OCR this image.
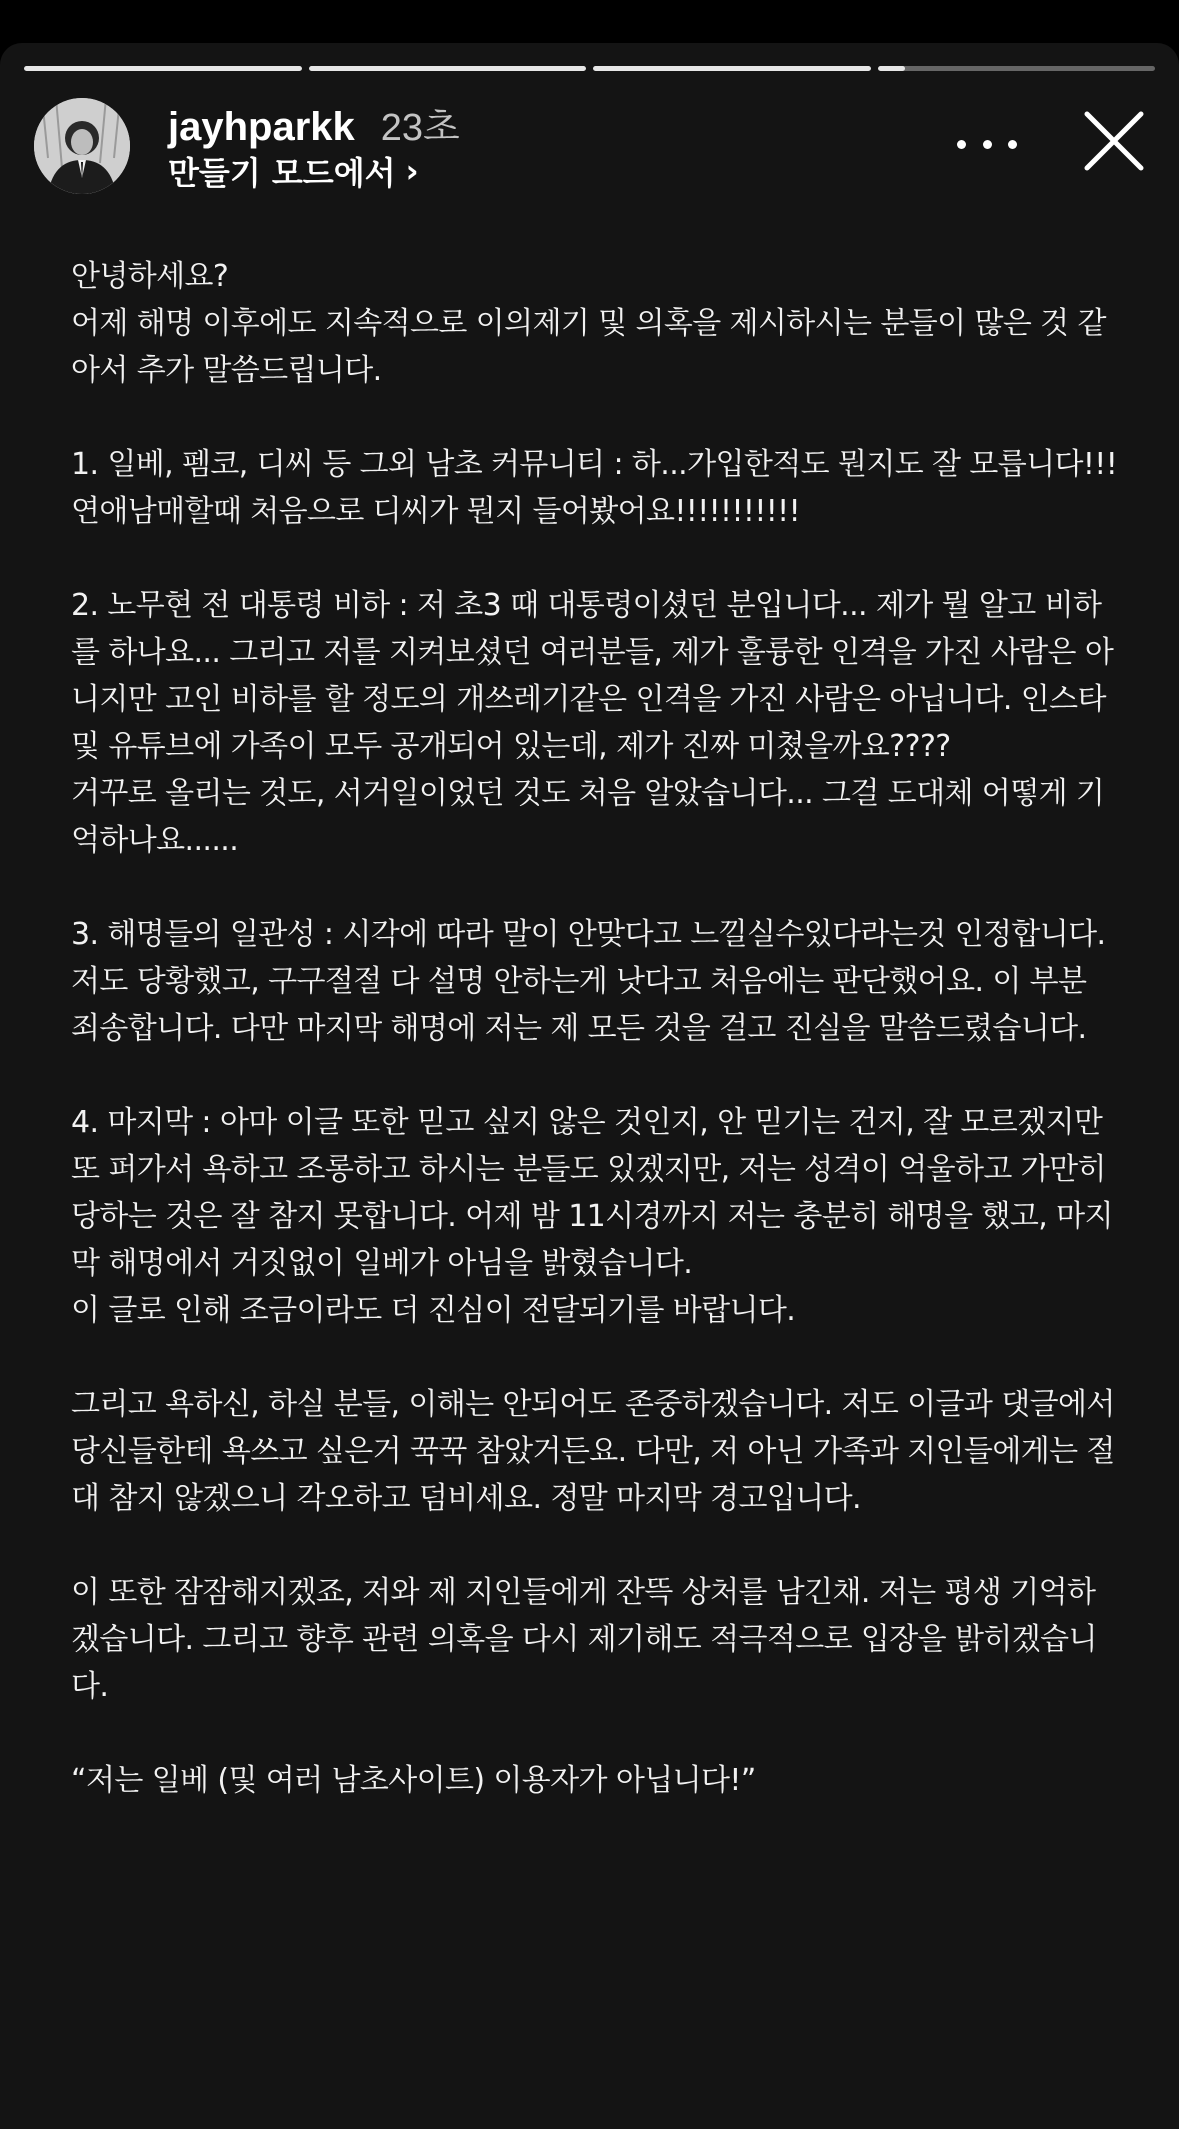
jayhparkk 23초
만들기 모드에서 ›

안녕하세요?
어제 해명 이후에도 지속적으로 이의제기 및 의혹을 제시하시는 분들이 많은 것 같아서 추가 말씀드립니다.

1. 일베, 펨코, 디씨 등 그외 남초 커뮤니티 : 하...가입한적도 뭔지도 잘 모릅니다!!! 연애남매할때 처음으로 디씨가 뭔지 들어봤어요!!!!!!!!!!!

2. 노무현 전 대통령 비하 : 저 초3 때 대통령이셨던 분입니다... 제가 뭘 알고 비하를 하나요... 그리고 저를 지켜보셨던 여러분들, 제가 훌륭한 인격을 가진 사람은 아니지만 고인 비하를 할 정도의 개쓰레기같은 인격을 가진 사람은 아닙니다. 인스타 및 유튜브에 가족이 모두 공개되어 있는데, 제가 진짜 미쳤을까요????
거꾸로 올리는 것도, 서거일이었던 것도 처음 알았습니다... 그걸 도대체 어떻게 기억하나요......

3. 해명들의 일관성 : 시각에 따라 말이 안맞다고 느낄실수있다라는것 인정합니다. 저도 당황했고, 구구절절 다 설명 안하는게 낫다고 처음에는 판단했어요. 이 부분 죄송합니다. 다만 마지막 해명에 저는 제 모든 것을 걸고 진실을 말씀드렸습니다.

4. 마지막 : 아마 이글 또한 믿고 싶지 않은 것인지, 안 믿기는 건지, 잘 모르겠지만 또 퍼가서 욕하고 조롱하고 하시는 분들도 있겠지만, 저는 성격이 억울하고 가만히 당하는 것은 잘 참지 못합니다. 어제 밤 11시경까지 저는 충분히 해명을 했고, 마지막 해명에서 거짓없이 일베가 아님을 밝혔습니다.
이 글로 인해 조금이라도 더 진심이 전달되기를 바랍니다.

그리고 욕하신, 하실 분들, 이해는 안되어도 존중하겠습니다. 저도 이글과 댓글에서 당신들한테 욕쓰고 싶은거 꾹꾹 참았거든요. 다만, 저 아닌 가족과 지인들에게는 절대 참지 않겠으니 각오하고 덤비세요. 정말 마지막 경고입니다.

이 또한 잠잠해지겠죠, 저와 제 지인들에게 잔뜩 상처를 남긴채. 저는 평생 기억하겠습니다. 그리고 향후 관련 의혹을 다시 제기해도 적극적으로 입장을 밝히겠습니다.

“저는 일베 (및 여러 남초사이트) 이용자가 아닙니다!”
